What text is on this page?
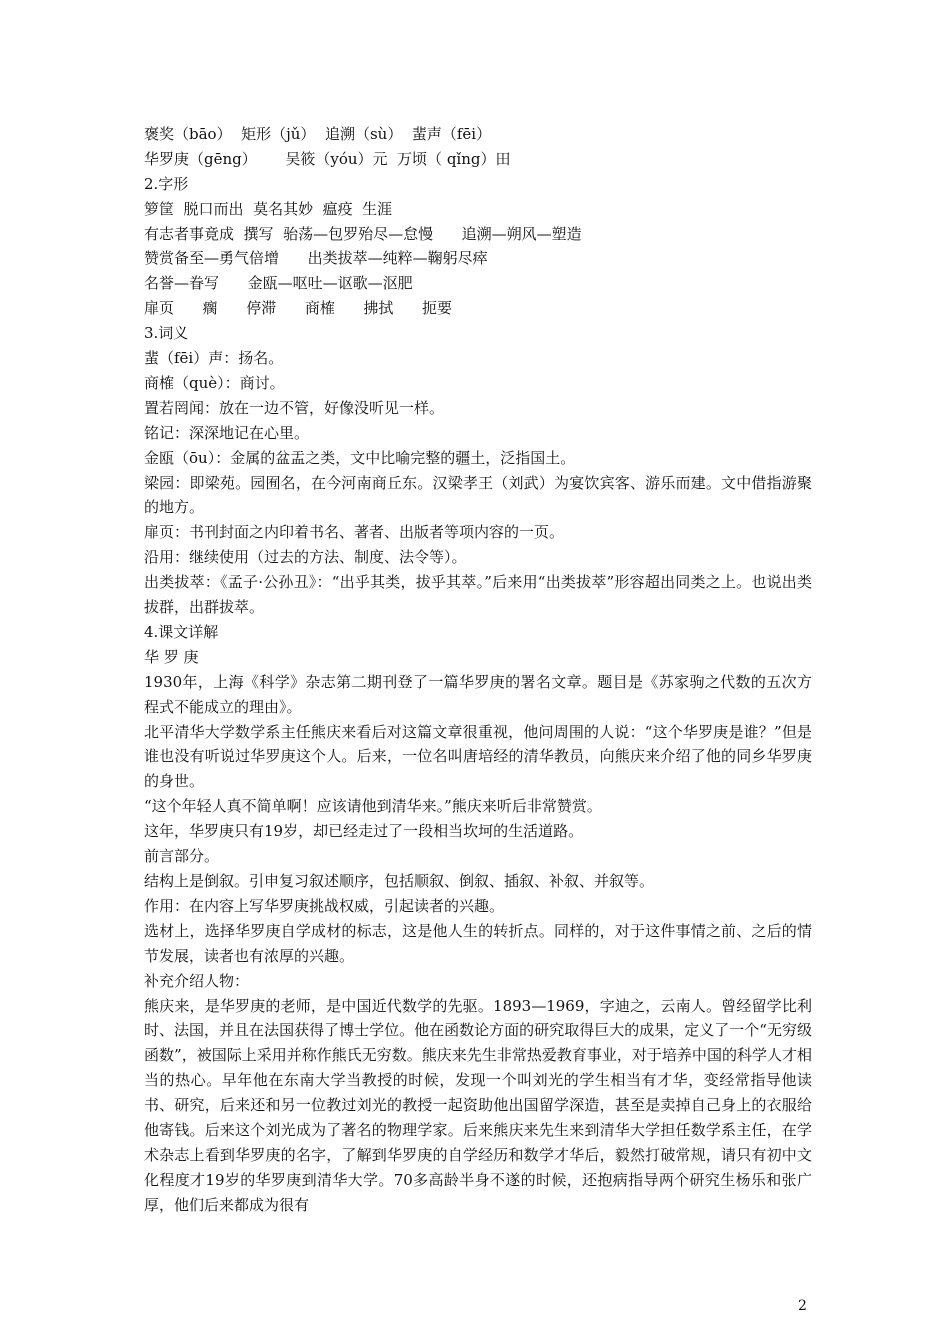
褒奖（bāo）  矩形（jǔ）  追溯（sù）  蜚声（fēi）
华罗庚（gēng）      吴筱（yóu）元  万顷（ qǐng）田
2.字形
箩筐  脱口而出  莫名其妙  瘟疫  生涯
有志者事竟成  撰写  骀荡—包罗殆尽—怠慢      追溯—朔风—塑造
赞赏备至—勇气倍增      出类拔萃—纯粹—鞠躬尽瘁
名誉—眷写      金瓯—呕吐—讴歌—沤肥
扉页      瘸      停滞      商榷      拂拭      扼要
3.词义

蜚（fēi）声：扬名。

商榷（què）：商讨。

置若罔闻：放在一边不管，好像没听见一样。

铭记：深深地记在心里。

金瓯（ōu）：金属的盆盂之类，文中比喻完整的疆土，泛指国土。

梁园：即梁苑。园囿名，在今河南商丘东。汉梁孝王（刘武）为宴饮宾客、游乐而建。文中借指游聚的地方。

扉页：书刊封面之内印着书名、著者、出版者等项内容的一页。

沿用：继续使用（过去的方法、制度、法令等）。

出类拔萃：《孟子·公孙丑》：“出乎其类，拔乎其萃。”后来用“出类拔萃”形容超出同类之上。也说出类拔群，出群拔萃。

4.课文详解
华 罗 庚

1930年，上海《科学》杂志第二期刊登了一篇华罗庚的署名文章。题目是《苏家驹之代数的五次方程式不能成立的理由》。

北平清华大学数学系主任熊庆来看后对这篇文章很重视，他问周围的人说：“这个华罗庚是谁？”但是谁也没有听说过华罗庚这个人。后来，一位名叫唐培经的清华教员，向熊庆来介绍了他的同乡华罗庚的身世。

“这个年轻人真不简单啊！应该请他到清华来。”熊庆来听后非常赞赏。

这年，华罗庚只有19岁，却已经走过了一段相当坎坷的生活道路。

前言部分。

结构上是倒叙。引申复习叙述顺序，包括顺叙、倒叙、插叙、补叙、并叙等。

作用：在内容上写华罗庚挑战权威，引起读者的兴趣。

选材上，选择华罗庚自学成材的标志，这是他人生的转折点。同样的，对于这件事情之前、之后的情节发展，读者也有浓厚的兴趣。

补充介绍人物：

熊庆来，是华罗庚的老师，是中国近代数学的先驱。1893—1969，字迪之，云南人。曾经留学比利时、法国，并且在法国获得了博士学位。他在函数论方面的研究取得巨大的成果，定义了一个“无穷级函数”，被国际上采用并称作熊氏无穷数。熊庆来先生非常热爱教育事业，对于培养中国的科学人才相当的热心。早年他在东南大学当教授的时候，发现一个叫刘光的学生相当有才华，变经常指导他读书、研究，后来还和另一位教过刘光的教授一起资助他出国留学深造，甚至是卖掉自己身上的衣服给他寄钱。后来这个刘光成为了著名的物理学家。后来熊庆来先生来到清华大学担任数学系主任，在学术杂志上看到华罗庚的名字，了解到华罗庚的自学经历和数学才华后，毅然打破常规，请只有初中文化程度才19岁的华罗庚到清华大学。70多高龄半身不遂的时候，还抱病指导两个研究生杨乐和张广厚，他们后来都成为很有

2
